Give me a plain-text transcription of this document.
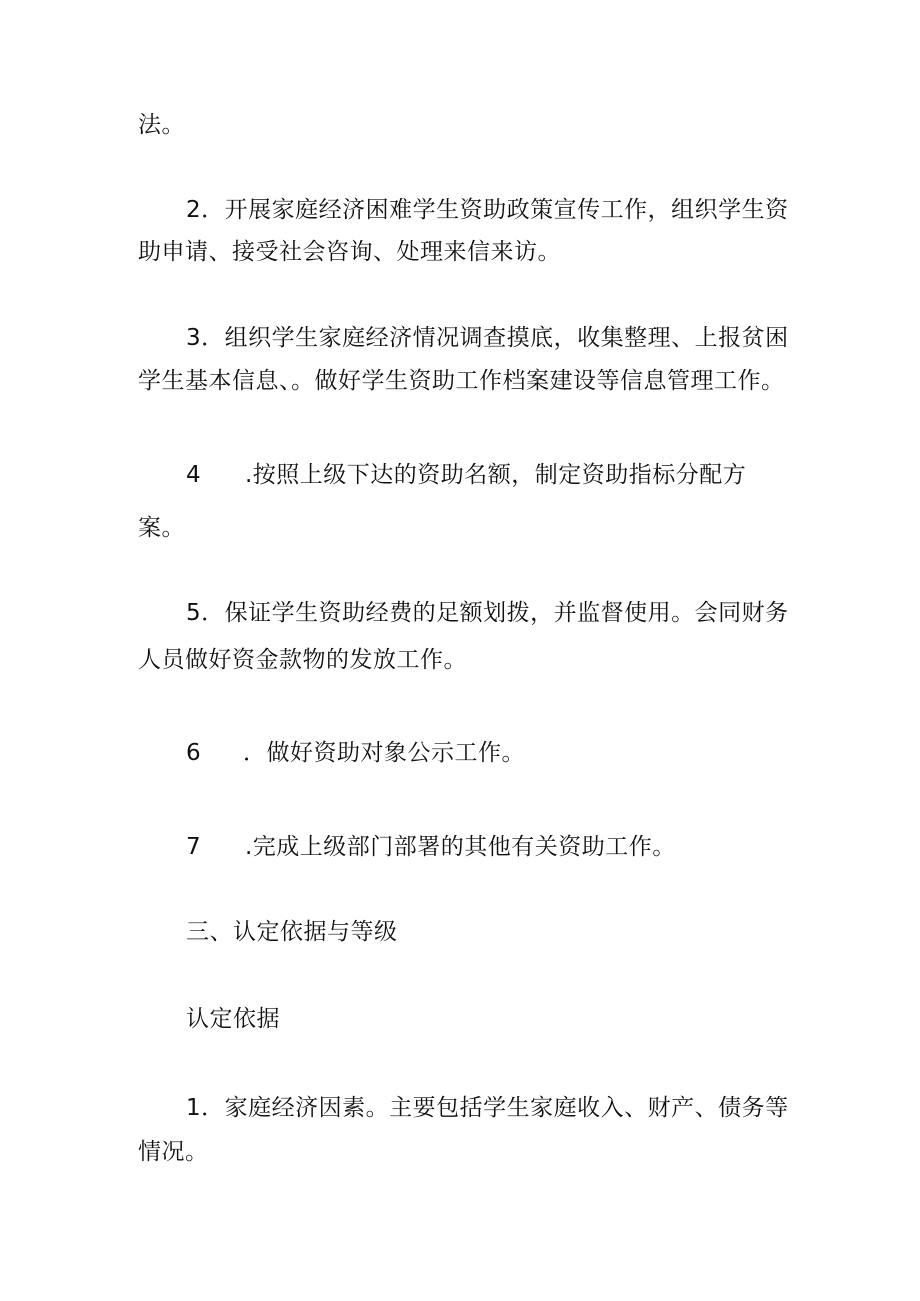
法。
2．开展家庭经济困难学生资助政策宣传工作，组织学生资
助申请、接受社会咨询、处理来信来访。
3．组织学生家庭经济情况调查摸底，收集整理、上报贫困
学生基本信息、。做好学生资助工作档案建设等信息管理工作。
4 .按照上级下达的资助名额，制定资助指标分配方
案。
5．保证学生资助经费的足额划拨，并监督使用。会同财务
人员做好资金款物的发放工作。
6 ．做好资助对象公示工作。
7 .完成上级部门部署的其他有关资助工作。
三、认定依据与等级
认定依据
1．家庭经济因素。主要包括学生家庭收入、财产、债务等
情况。
